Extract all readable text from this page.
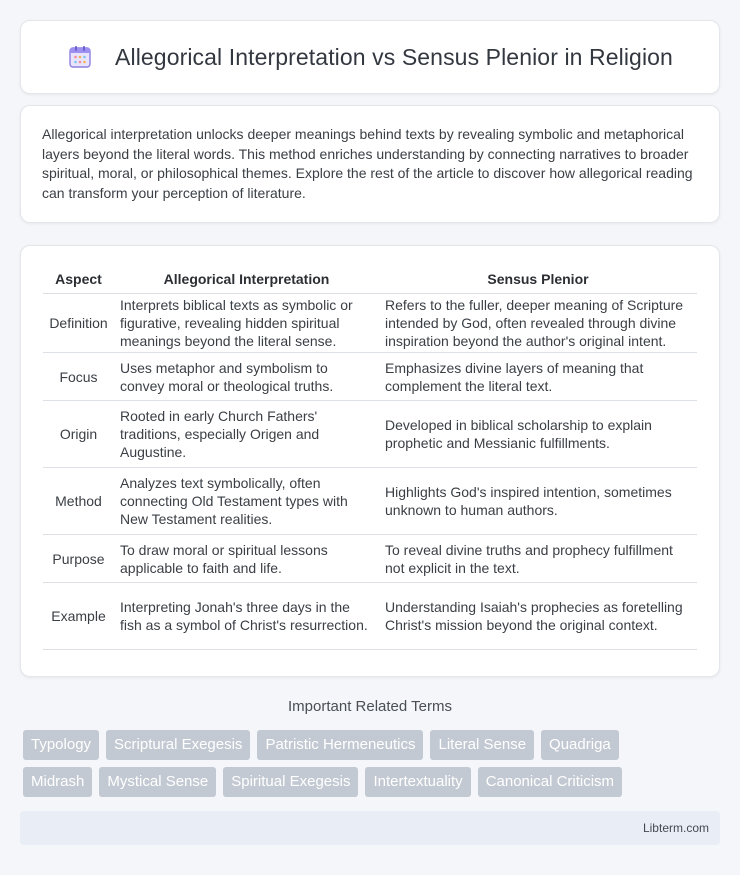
Allegorical Interpretation vs Sensus Plenior in Religion

Allegorical interpretation unlocks deeper meanings behind texts by revealing symbolic and metaphorical layers beyond the literal words. This method enriches understanding by connecting narratives to broader spiritual, moral, or philosophical themes. Explore the rest of the article to discover how allegorical reading can transform your perception of literature.

Aspect	Allegorical Interpretation	Sensus Plenior
Definition	Interprets biblical texts as symbolic or figurative, revealing hidden spiritual meanings beyond the literal sense.	Refers to the fuller, deeper meaning of Scripture intended by God, often revealed through divine inspiration beyond the author's original intent.
Focus	Uses metaphor and symbolism to convey moral or theological truths.	Emphasizes divine layers of meaning that complement the literal text.
Origin	Rooted in early Church Fathers' traditions, especially Origen and Augustine.	Developed in biblical scholarship to explain prophetic and Messianic fulfillments.
Method	Analyzes text symbolically, often connecting Old Testament types with New Testament realities.	Highlights God's inspired intention, sometimes unknown to human authors.
Purpose	To draw moral or spiritual lessons applicable to faith and life.	To reveal divine truths and prophecy fulfillment not explicit in the text.
Example	Interpreting Jonah's three days in the fish as a symbol of Christ's resurrection.	Understanding Isaiah's prophecies as foretelling Christ's mission beyond the original context.
Important Related Terms
Typology	Scriptural Exegesis	Patristic Hermeneutics	Literal Sense	Quadriga
Midrash	Mystical Sense	Spiritual Exegesis	Intertextuality	Canonical Criticism
Libterm.com
